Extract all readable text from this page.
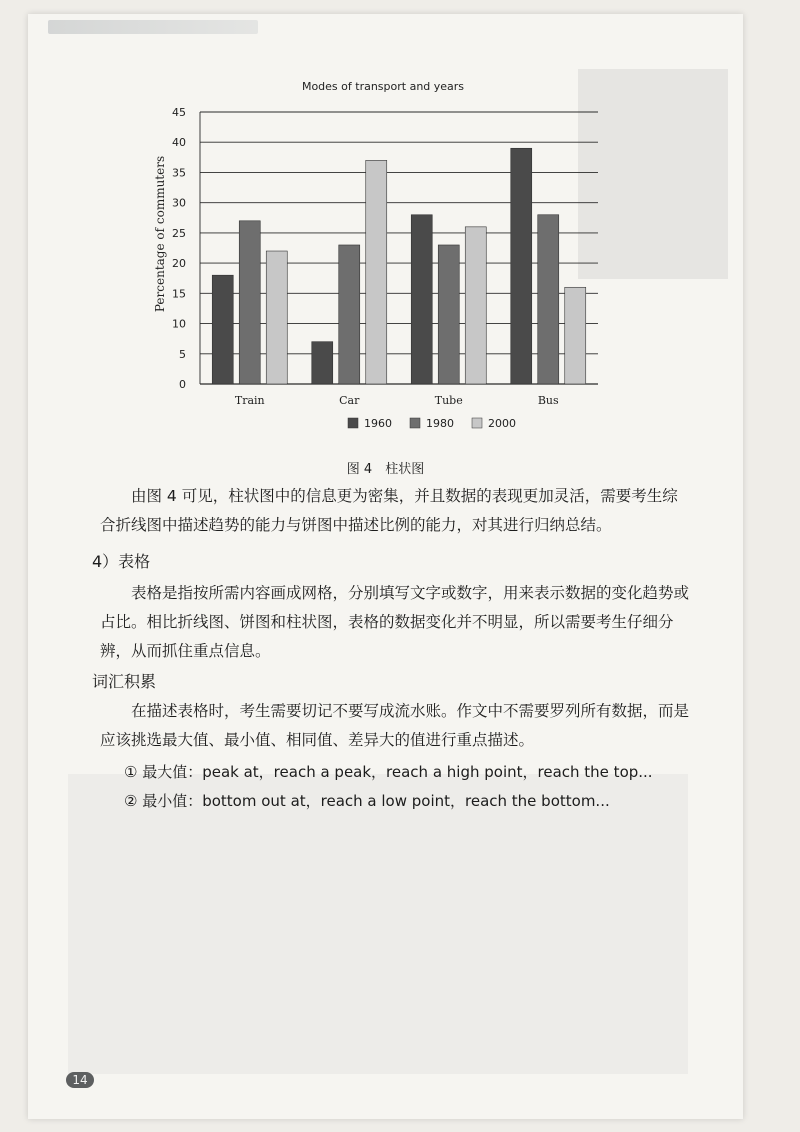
Modes of transport and years
Percentage of commuters
0
5
10
15
20
25
30
35
40
45
Train	Car	Tube	Bus
1960	1980	2000
图 4　柱状图

由图 4 可见，柱状图中的信息更为密集，并且数据的表现更加灵活，需要考生综合折线图中描述趋势的能力与饼图中描述比例的能力，对其进行归纳总结。

4）表格

表格是指按所需内容画成网格，分别填写文字或数字，用来表示数据的变化趋势或占比。相比折线图、饼图和柱状图，表格的数据变化并不明显，所以需要考生仔细分辨，从而抓住重点信息。

词汇积累

在描述表格时，考生需要切记不要写成流水账。作文中不需要罗列所有数据，而是应该挑选最大值、最小值、相同值、差异大的值进行重点描述。

① 最大值：peak at，reach a peak，reach a high point，reach the top...
② 最小值：bottom out at，reach a low point，reach the bottom...
14
